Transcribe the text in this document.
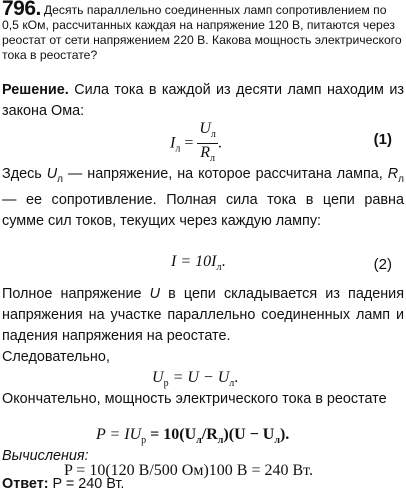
796. Десять параллельно соединенных ламп сопротивлением по 0,5 кОм, рассчитанных каждая на напряжение 120 В, питаются через реостат от сети напряжением 220 В. Какова мощность электрического тока в реостате?
Решение. Сила тока в каждой из десяти ламп находим из закона Ома:
$I_л = \frac{U_л}{R_л}$ .	(1)
Здесь $U_л$ — напряжение, на которое рассчитана лампа, $R_л$ — ее сопротивление. Полная сила тока в цепи равна сумме сил токов, текущих через каждую лампу:
$I = 10I_л$.	(2)
Полное напряжение U в цепи складывается из падения напряжения на участке параллельно соединенных ламп и падения напряжения на реостате.
Следовательно,
$U_р = U - U_л$.
Окончательно, мощность электрического тока в реостате
$P = IU_р = 10(U_л/R_л)(U - U_л)$.
Вычисления:
P = 10(120 В/500 Ом)100 В = 240 Вт.
Ответ: P = 240 Вт.
